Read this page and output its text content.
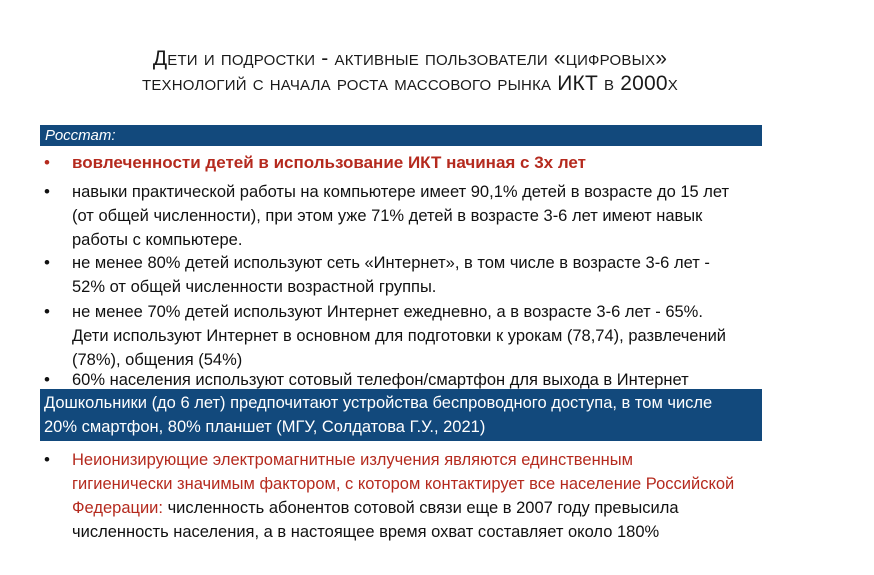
Дети и подростки - активные пользователи «цифровых»
технологий с начала роста массового рынка ИКТ в 2000х
Росстат:
•	вовлеченности детей в использование ИКТ начиная с 3х лет
•	навыки практической работы на компьютере имеет 90,1% детей в возрасте до 15 лет
(от общей численности), при этом уже 71% детей в возрасте 3-6 лет имеют навык
работы с компьютере.
•	не менее 80% детей используют сеть «Интернет», в том числе в возрасте 3-6 лет -
52% от общей численности возрастной группы.
•	не менее 70% детей используют Интернет ежедневно, а в возрасте 3-6 лет - 65%.
Дети используют Интернет в основном для подготовки к урокам (78,74), развлечений
(78%), общения (54%)
•	60% населения используют сотовый телефон/смартфон для выхода в Интернет
Дошкольники (до 6 лет) предпочитают устройства беспроводного доступа, в том числе
20% смартфон, 80% планшет (МГУ, Солдатова Г.У., 2021)
•	Неионизирующие электромагнитные излучения являются единственным
гигиенически значимым фактором, с котором контактирует все население Российской
Федерации: численность абонентов сотовой связи еще в 2007 году превысила
численность населения, а в настоящее время охват составляет около 180%
